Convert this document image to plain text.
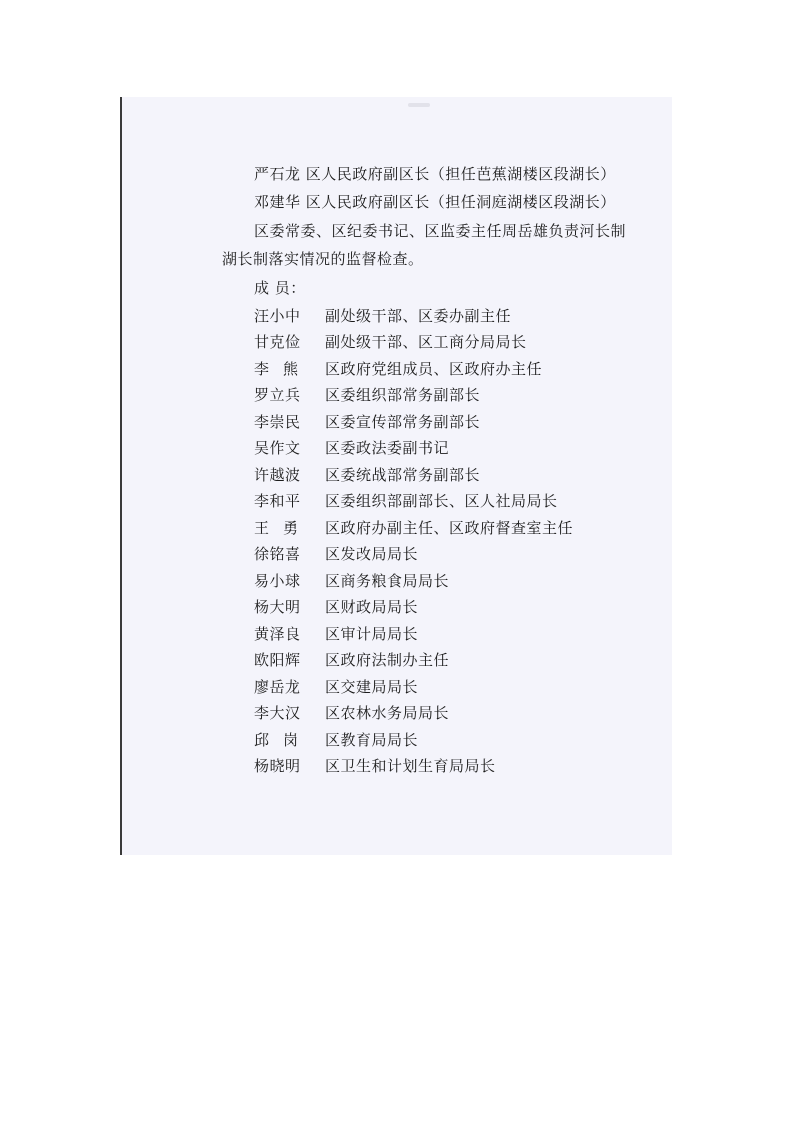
严石龙 区人民政府副区长（担任芭蕉湖楼区段湖长）
邓建华 区人民政府副区长（担任洞庭湖楼区段湖长）
区委常委、区纪委书记、区监委主任周岳雄负责河长制
湖长制落实情况的监督检查。
成 员：
汪小中 副处级干部、区委办副主任
甘克俭 副处级干部、区工商分局局长
李熊 区政府党组成员、区政府办主任
罗立兵 区委组织部常务副部长
李崇民 区委宣传部常务副部长
吴作文 区委政法委副书记
许越波 区委统战部常务副部长
李和平 区委组织部副部长、区人社局局长
王勇 区政府办副主任、区政府督查室主任
徐铭喜 区发改局局长
易小球 区商务粮食局局长
杨大明 区财政局局长
黄泽良 区审计局局长
欧阳辉 区政府法制办主任
廖岳龙 区交建局局长
李大汉 区农林水务局局长
邱岗 区教育局局长
杨晓明 区卫生和计划生育局局长
